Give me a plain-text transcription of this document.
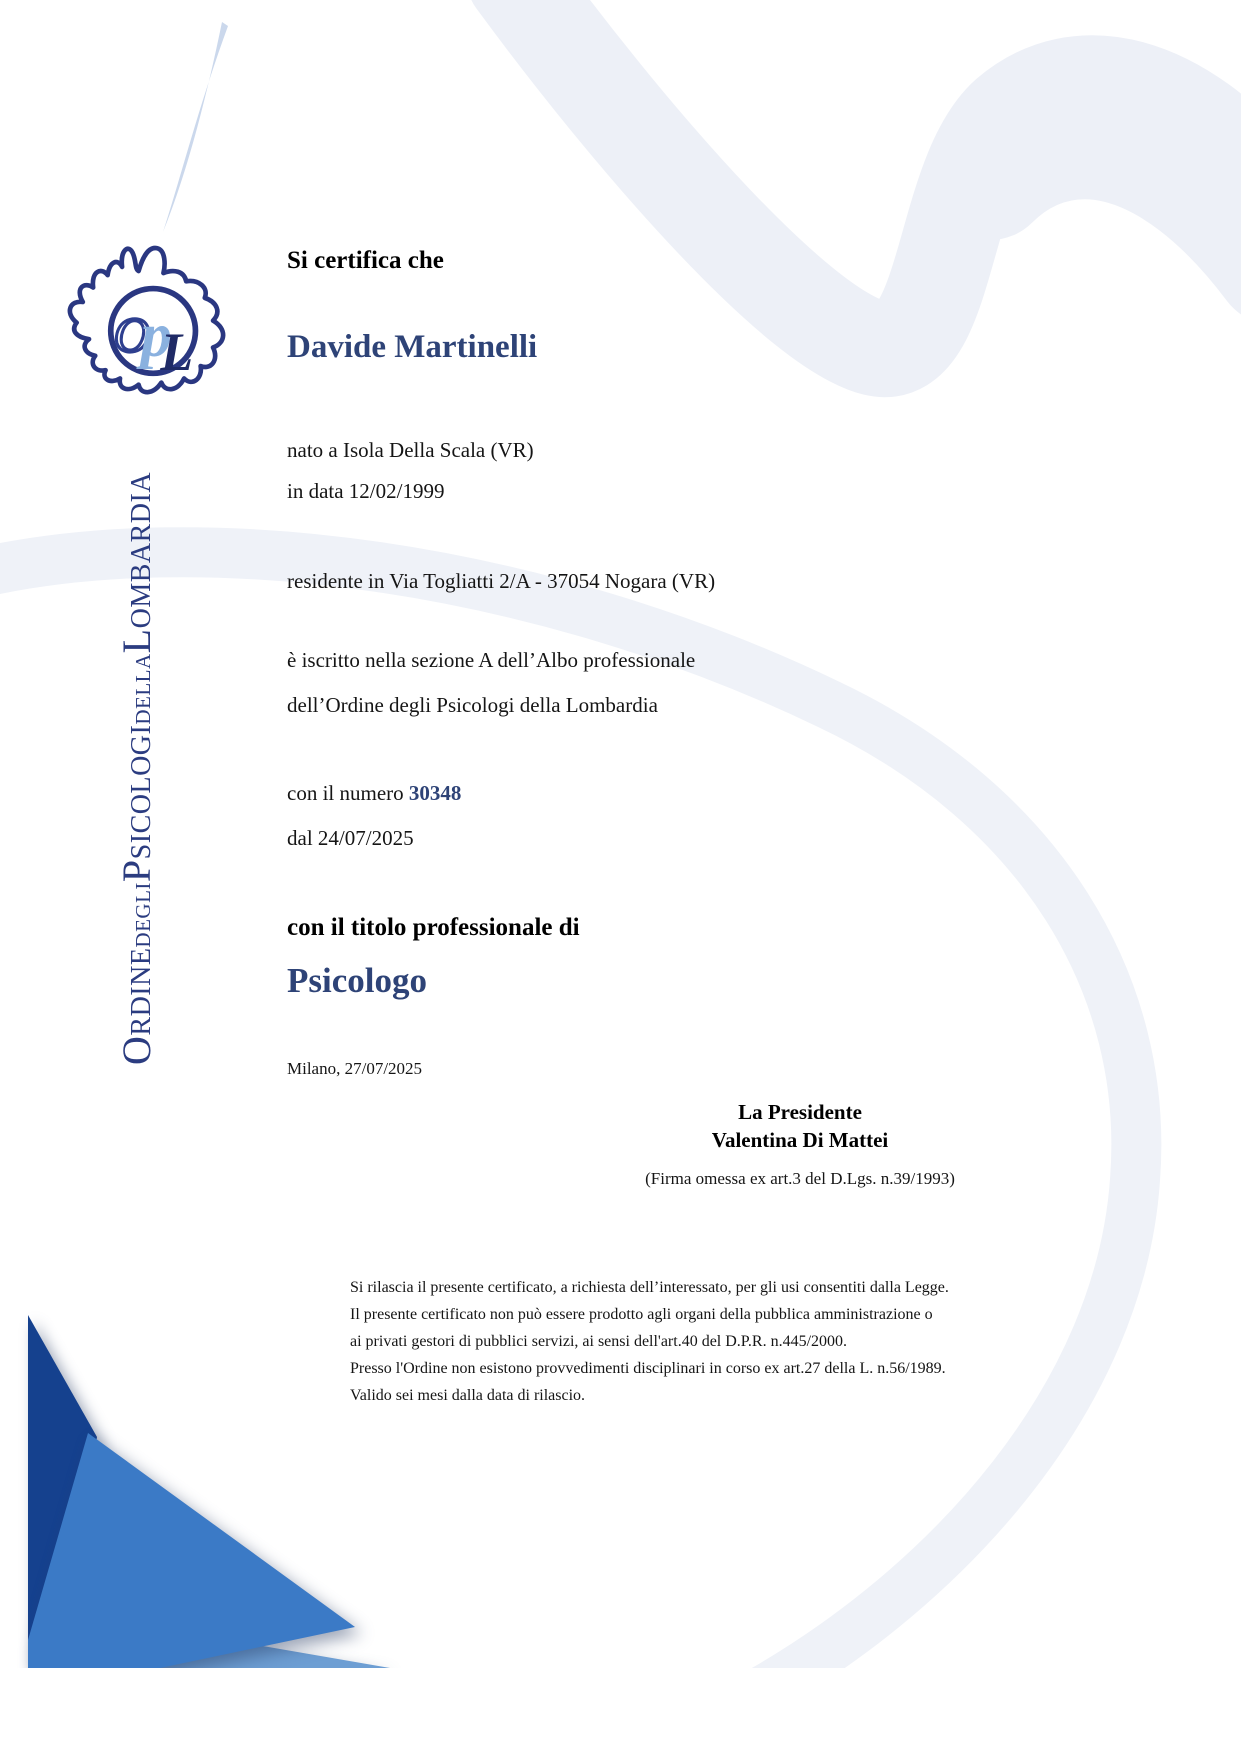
O
p
L
ORDINEDEGLIPSICOLOGIDELLALOMBARDIA
Si certifica che
Davide Martinelli
nato a Isola Della Scala (VR)
in data 12/02/1999
residente in Via Togliatti 2/A - 37054 Nogara (VR)
è iscritto nella sezione A dell’Albo professionale
dell’Ordine degli Psicologi della Lombardia
con il numero 30348
dal 24/07/2025
con il titolo professionale di
Psicologo
Milano, 27/07/2025
La Presidente
Valentina Di Mattei
(Firma omessa ex art.3 del D.Lgs. n.39/1993)
Si rilascia il presente certificato, a richiesta dell’interessato, per gli usi consentiti dalla Legge.
Il presente certificato non può essere prodotto agli organi della pubblica amministrazione o
ai privati gestori di pubblici servizi, ai sensi dell'art.40 del D.P.R. n.445/2000.
Presso l'Ordine non esistono provvedimenti disciplinari in corso ex art.27 della L. n.56/1989.
Valido sei mesi dalla data di rilascio.
